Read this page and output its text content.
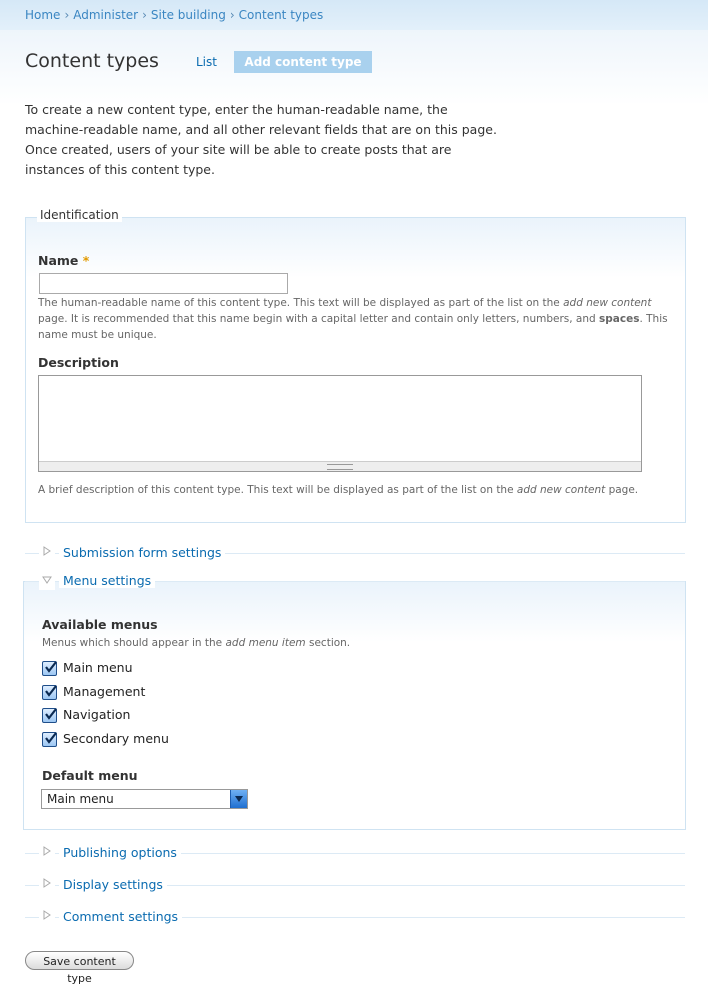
Home › Administer › Site building › Content types
Content types	List	Add content type

To create a new content type, enter the human-readable name, the machine-readable name, and all other relevant fields that are on this page. Once created, users of your site will be able to create posts that are instances of this content type.

Identification
Name *
The human-readable name of this content type. This text will be displayed as part of the list on the add new content page. It is recommended that this name begin with a capital letter and contain only letters, numbers, and spaces. This name must be unique.
Description
A brief description of this content type. This text will be displayed as part of the list on the add new content page.
Submission form settings
Menu settings
Available menus
Menus which should appear in the add menu item section.
Main menu
Management
Navigation
Secondary menu
Default menu
Main menu
Publishing options
Display settings
Comment settings
Save content type
